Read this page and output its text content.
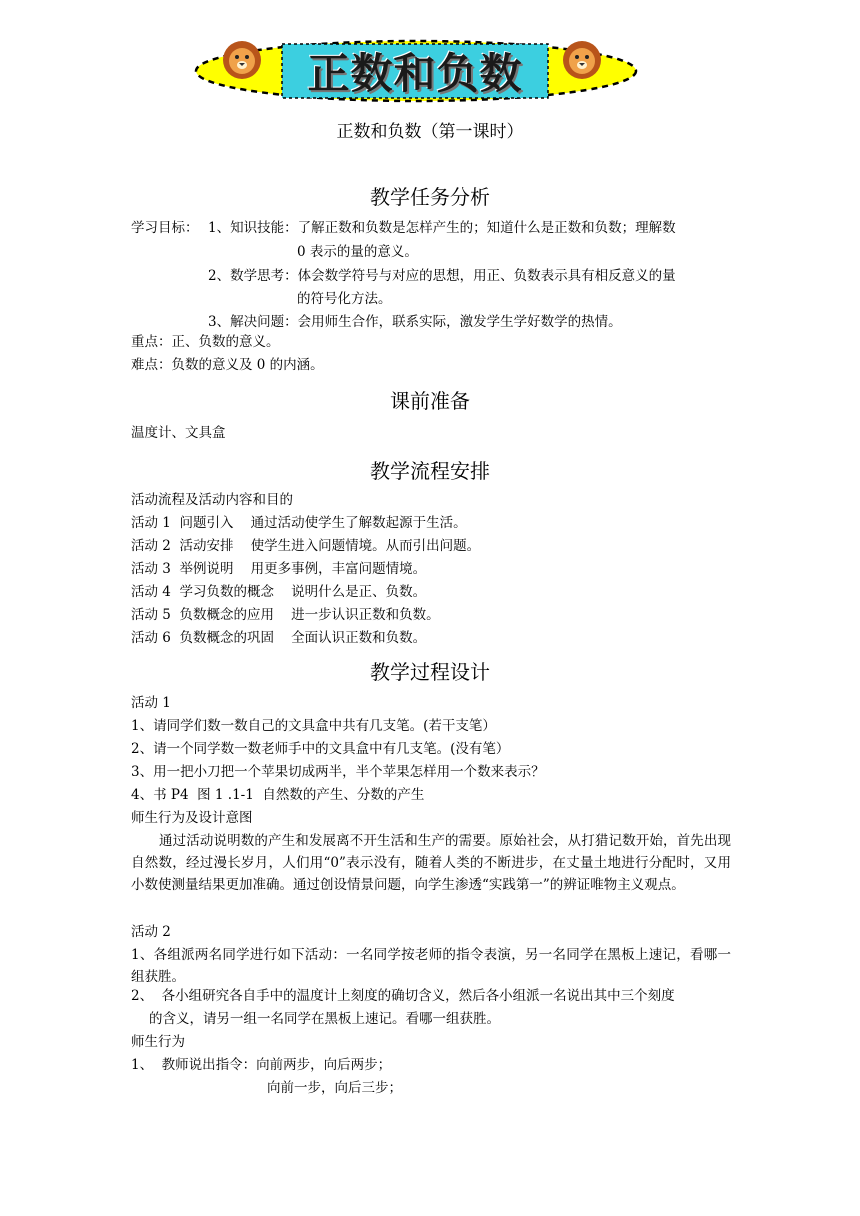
正数和负数
正数和负数（第一课时）
教学任务分析
学习目标： 1、知识技能：了解正数和负数是怎样产生的；知道什么是正数和负数；理解数
0 表示的量的意义。
2、数学思考：体会数学符号与对应的思想，用正、负数表示具有相反意义的量
的符号化方法。
3、解决问题：会用师生合作，联系实际，激发学生学好数学的热情。
重点：正、负数的意义。
难点：负数的意义及 0 的内涵。
课前准备
温度计、文具盒
教学流程安排
活动流程及活动内容和目的
活动 1  问题引入    通过活动使学生了解数起源于生活。
活动 2  活动安排    使学生进入问题情境。从而引出问题。
活动 3  举例说明    用更多事例，丰富问题情境。
活动 4  学习负数的概念    说明什么是正、负数。
活动 5  负数概念的应用    进一步认识正数和负数。
活动 6  负数概念的巩固    全面认识正数和负数。
教学过程设计
活动 1
1、请同学们数一数自己的文具盒中共有几支笔。(若干支笔）
2、请一个同学数一数老师手中的文具盒中有几支笔。(没有笔）
3、用一把小刀把一个苹果切成两半，半个苹果怎样用一个数来表示？
4、书 P4  图 1 .1-1  自然数的产生、分数的产生
师生行为及设计意图
通过活动说明数的产生和发展离不开生活和生产的需要。原始社会，从打猎记数开始，首先出现自然数，经过漫长岁月，人们用“0”表示没有，随着人类的不断进步，在丈量土地进行分配时，又用小数使测量结果更加准确。通过创设情景问题，向学生渗透“实践第一”的辨证唯物主义观点。
活动 2
1、各组派两名同学进行如下活动：一名同学按老师的指令表演，另一名同学在黑板上速记，看哪一组获胜。
2、  各小组研究各自手中的温度计上刻度的确切含义，然后各小组派一名说出其中三个刻度
的含义，请另一组一名同学在黑板上速记。看哪一组获胜。
师生行为
1、  教师说出指令：向前两步，向后两步；
向前一步，向后三步；
